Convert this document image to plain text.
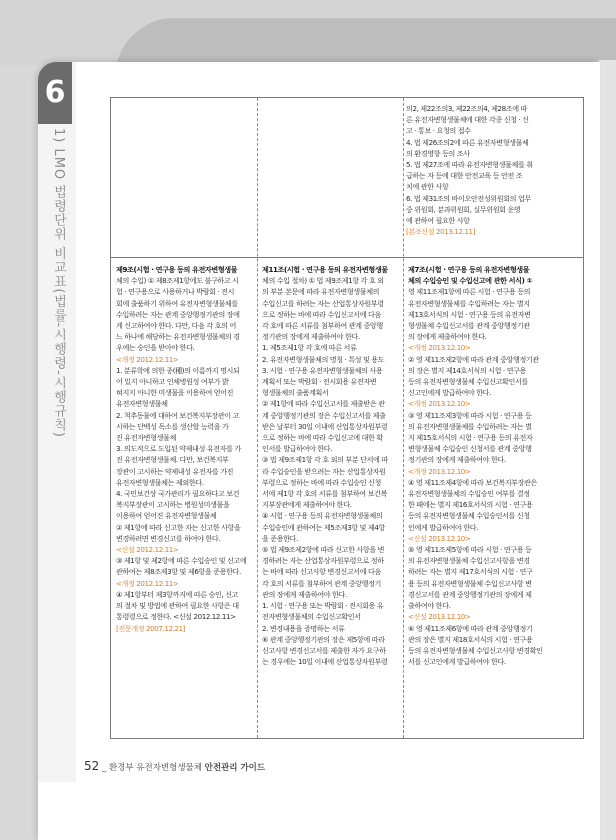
6
1) LMO 법령단위 비교표(법률-시행령-시행규칙)

의2, 제22조의3, 제22조의4, 제28조에 따

른 유전자변형생물체에 대한 각종 신청 · 신

고 · 통보 · 요청의 접수

4. 법 제26조의2에 따른 유전자변형생물체

의 환경영향 등의 조사

5. 법 제27조에 따라 유전자변형생물체를 취

급하는 자 등에 대한 안전교육 등 안전 조

치에 관한 사항

6. 법 제31조의 바이오안전성위원회의 업무

중 위원회, 분과위원회, 실무위원회 운영

에 관하여 필요한 사항

[본조신설 2013.12.11]

제9조(시험 · 연구용 등의 유전자변형생물

체의 수입) ① 제8조제1항에도 불구하고 시

험 · 연구용으로 사용하거나 박람회 · 전시

회에 출품하기 위하여 유전자변형생물체를

수입하려는 자는 관계 중앙행정기관의 장에

게 신고하여야 한다. 다만, 다음 각 호의 어

느 하나에 해당하는 유전자변형생물체의 경

우에는 승인을 받아야 한다.

<개정 2012.12.11>

1. 분류학에 의한 종(種)의 이름까지 명시되

어 있지 아니하고 인체병원성 여부가 밝

혀지지 아니한 미생물을 이용하여 얻어진

유전자변형생물체

2. 척추동물에 대하여 보건복지부장관이 고

시하는 단백성 독소를 생산할 능력을 가

진 유전자변형생물체

3. 의도적으로 도입된 약제내성 유전자를 가

진 유전자변형생물체. 다만, 보건복지부

장관이 고시하는 약제내성 유전자를 가진

유전자변형생물체는 제외한다.

4. 국민보건상 국가관리가 필요하다고 보건

복지부장관이 고시하는 병원성미생물을

이용하여 얻어진 유전자변형생물체

② 제1항에 따라 신고한 자는 신고한 사항을

변경하려면 변경신고를 하여야 한다.

<신설 2012.12.11>

③ 제1항 및 제2항에 따른 수입승인 및 신고에

관하여는 제8조제3항 및 제6항을 준용한다.

<개정 2012.12.11>

④ 제1항부터 제3항까지에 따른 승인, 신고

의 절차 및 방법에 관하여 필요한 사항은 대

통령령으로 정한다. <신설 2012.12.11>

[전문개정 2007.12.21]

제11조(시험 · 연구용 등의 유전자변형생물

체의 수입 절차) ① 법 제9조제1항 각 호 외

의 부분 본문에 따라 유전자변형생물체의

수입신고를 하려는 자는 산업통상자원부령

으로 정하는 바에 따라 수입신고서에 다음

각 호에 따른 서류를 첨부하여 관계 중앙행

정기관의 장에게 제출하여야 한다.

1. 제5조제1항 각 호에 따른 서류

2. 유전자변형생물체의 명칭 · 특성 및 용도

3. 시험 · 연구용 유전자변형생물체의 사용

계획서 또는 박람회 · 전시회용 유전자변

형생물체의 출품계획서

② 제1항에 따라 수입신고서를 제출받은 관

계 중앙행정기관의 장은 수입신고서를 제출

받은 날부터 30일 이내에 산업통상자원부령

으로 정하는 바에 따라 수입신고에 대한 확

인서를 발급하여야 한다.

③ 법 제9조제1항 각 호 외의 부분 단서에 따

라 수입승인을 받으려는 자는 산업통상자원

부령으로 정하는 바에 따라 수입승인 신청

서에 제1항 각 호의 서류를 첨부하여 보건복

지부장관에게 제출하여야 한다.

④ 시험 · 연구용 등의 유전자변형생물체의

수입승인에 관하여는 제5조제3항 및 제4항

을 준용한다.

⑤ 법 제9조제2항에 따라 신고한 사항을 변

경하려는 자는 산업통상자원부령으로 정하

는 바에 따라 신고사항 변경신고서에 다음

각 호의 서류를 첨부하여 관계 중앙행정기

관의 장에게 제출하여야 한다.

1. 시험 · 연구용 또는 박람회 · 전시회용 유

전자변형생물체의 수입신고확인서

2. 변경내용을 증명하는 서류

⑥ 관계 중앙행정기관의 장은 제5항에 따라

신고사항 변경신고서를 제출한 자가 요구하

는 경우에는 10일 이내에 산업통상자원부령

제7조(시험 · 연구용 등의 유전자변형생물

체의 수입승인 및 수입신고에 관한 서식) ①

영 제11조제1항에 따른 시험 · 연구용 등의

유전자변형생물체를 수입하려는 자는 별지

제13호서식의 시험 · 연구용 등의 유전자변

형생물체 수입신고서를 관계 중앙행정기관

의 장에게 제출하여야 한다.

<개정 2013.12.10>

② 영 제11조제2항에 따라 관계 중앙행정기관

의 장은 별지 제14호서식의 시험 · 연구용

등의 유전자변형생물체 수입신고확인서를

신고인에게 발급하여야 한다.

<개정 2013.12.10>

③ 영 제11조제3항에 따라 시험 · 연구용 등

의 유전자변형생물체를 수입하려는 자는 별

지 제15호서식의 시험 · 연구용 등의 유전자

변형생물체 수입승인 신청서를 관계 중앙행

정기관의 장에게 제출하여야 한다.

<개정 2013.12.10>

④ 영 제11조제4항에 따라 보건복지부장관은

유전자변형생물체의 수입승인 여부를 결정

한 때에는 별지 제16호서식의 시험 · 연구용

등의 유전자변형생물체 수입승인서를 신청

인에게 발급하여야 한다.

<신설 2013.12.10>

⑤ 영 제11조제5항에 따라 시험 · 연구용 등

의 유전자변형생물체 수입신고사항을 변경

하려는 자는 별지 제17호서식의 시험 · 연구

용 등의 유전자변형생물체 수입신고사항 변

경신고서를 관계 중앙행정기관의 장에게 제

출하여야 한다.

<신설 2013.12.10>

⑥ 영 제11조제6항에 따라 관계 중앙행정기

관의 장은 별지 제18호서식의 시험 · 연구용

등의 유전자변형생물체 수입신고사항 변경확인

서를 신고인에게 발급하여야 한다.

52 _ 환경부 유전자변형생물체 안전관리 가이드
